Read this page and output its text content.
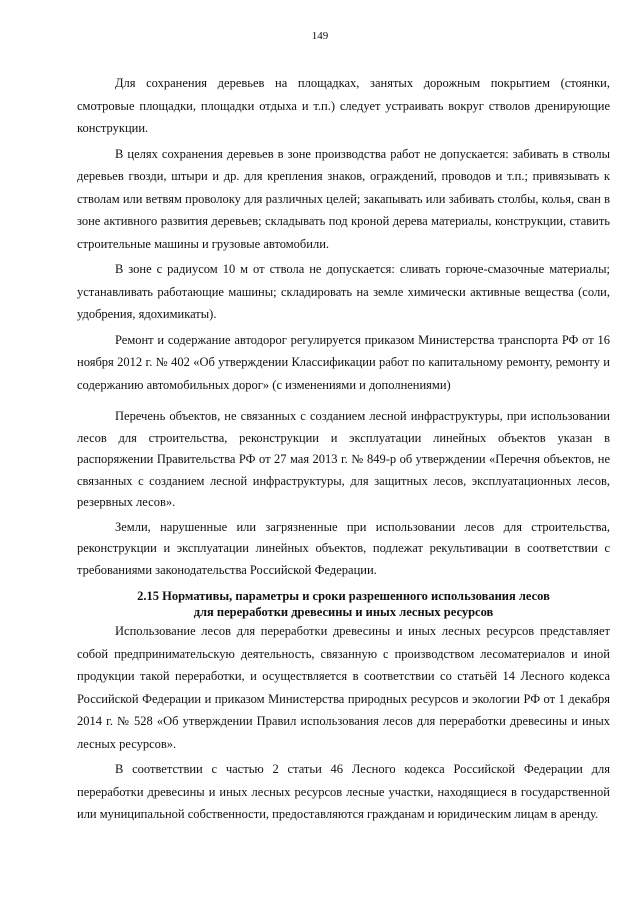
149

Для сохранения деревьев на площадках, занятых дорожным покрытием (стоянки, смотровые площадки, площадки отдыха и т.п.) следует устраивать вокруг стволов дренирующие конструкции.

В целях сохранения деревьев в зоне производства работ не допускается: забивать в стволы деревьев гвозди, штыри и др. для крепления знаков, ограждений, проводов и т.п.; привязывать к стволам или ветвям проволоку для различных целей; закапывать или забивать столбы, колья, сван в зоне активного развития деревьев; складывать под кроной дерева материалы, конструкции, ставить строительные машины и грузовые автомобили.

В зоне с радиусом 10 м от ствола не допускается: сливать горюче-смазочные материалы; устанавливать работающие машины; складировать на земле химически активные вещества (соли, удобрения, ядохимикаты).

Ремонт и содержание автодорог регулируется приказом Министерства транспорта РФ от 16 ноября 2012 г. № 402 «Об утверждении Классификации работ по капитальному ремонту, ремонту и содержанию автомобильных дорог» (с изменениями и дополнениями)

Перечень объектов, не связанных с созданием лесной инфраструктуры, при использовании лесов для строительства, реконструкции и эксплуатации линейных объектов указан в распоряжении Правительства РФ от 27 мая 2013 г. № 849-р об утверждении «Перечня объектов, не связанных с созданием лесной инфраструктуры, для защитных лесов, эксплуатационных лесов, резервных лесов».

Земли, нарушенные или загрязненные при использовании лесов для строительства, реконструкции и эксплуатации линейных объектов, подлежат рекультивации в соответствии с требованиями законодательства Российской Федерации.

2.15 Нормативы, параметры и сроки разрешенного использования лесов
для переработки древесины и иных лесных ресурсов

Использование лесов для переработки древесины и иных лесных ресурсов представляет собой предпринимательскую деятельность, связанную с производством лесоматериалов и иной продукции такой переработки, и осуществляется в соответствии со статьёй 14 Лесного кодекса Российской Федерации и приказом Министерства природных ресурсов и экологии РФ от 1 декабря 2014 г. № 528 «Об утверждении Правил использования лесов для переработки древесины и иных лесных ресурсов».

В соответствии с частью 2 статьи 46 Лесного кодекса Российской Федерации для переработки древесины и иных лесных ресурсов лесные участки, находящиеся в государственной или муниципальной собственности, предоставляются гражданам и юридическим лицам в аренду.
